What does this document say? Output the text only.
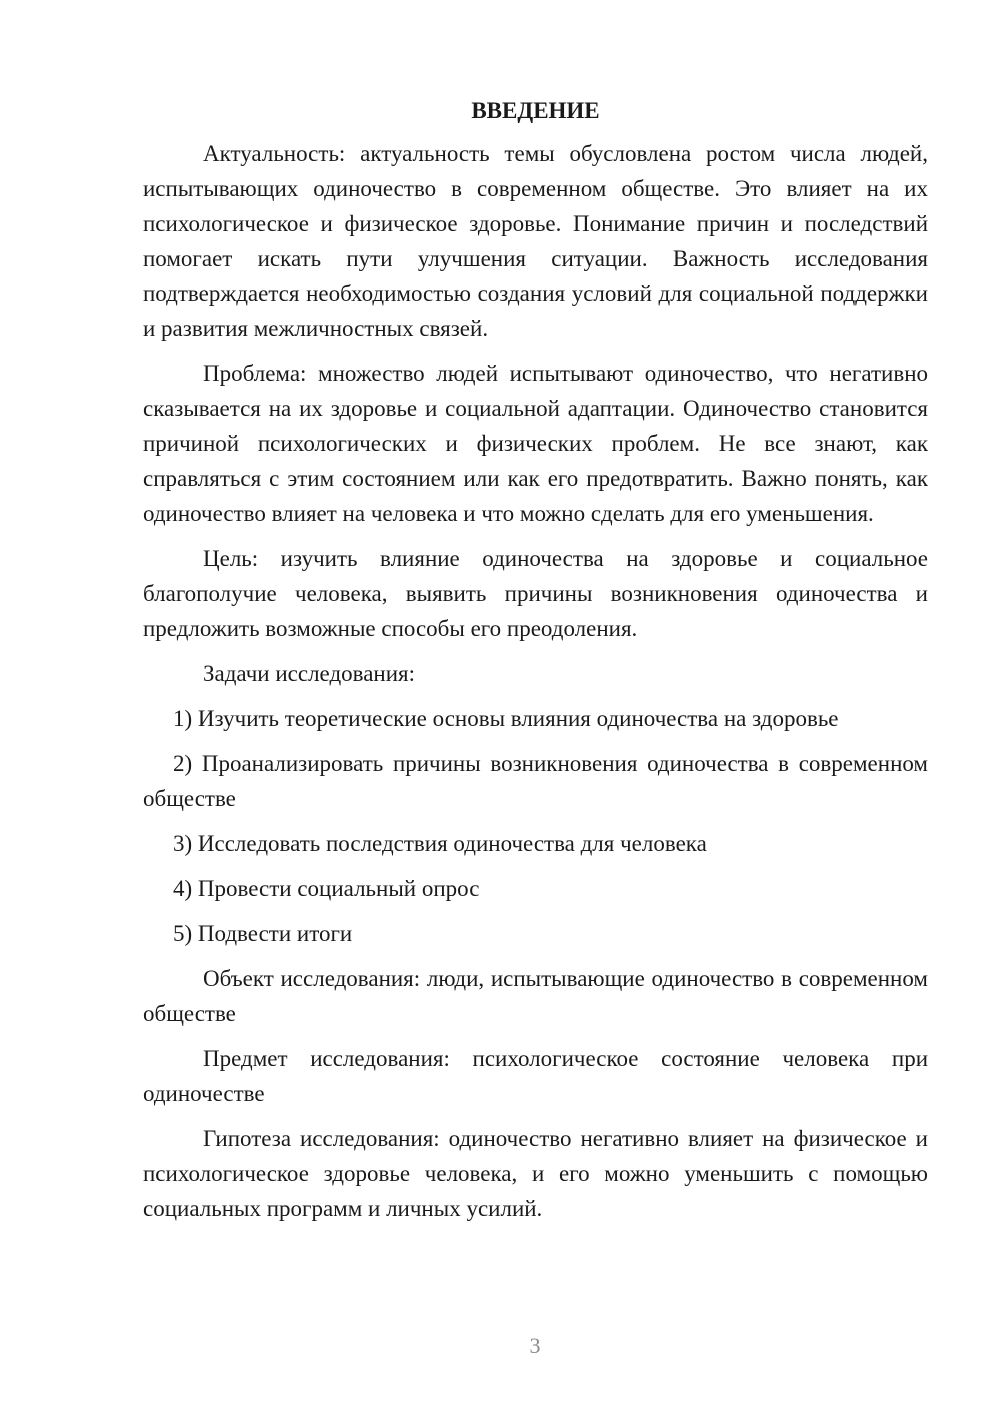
ВВЕДЕНИЕ

Актуальность: актуальность темы обусловлена ростом числа людей, испытывающих одиночество в современном обществе. Это влияет на их психологическое и физическое здоровье. Понимание причин и последствий помогает искать пути улучшения ситуации. Важность исследования подтверждается необходимостью создания условий для социальной поддержки и развития межличностных связей.

Проблема: множество людей испытывают одиночество, что негативно сказывается на их здоровье и социальной адаптации. Одиночество становится причиной психологических и физических проблем. Не все знают, как справляться с этим состоянием или как его предотвратить. Важно понять, как одиночество влияет на человека и что можно сделать для его уменьшения.

Цель: изучить влияние одиночества на здоровье и социальное благополучие человека, выявить причины возникновения одиночества и предложить возможные способы его преодоления.

Задачи исследования:

1) Изучить теоретические основы влияния одиночества на здоровье

2) Проанализировать причины возникновения одиночества в современном обществе

3) Исследовать последствия одиночества для человека

4) Провести социальный опрос

5) Подвести итоги

Объект исследования: люди, испытывающие одиночество в современном обществе

Предмет исследования: психологическое состояние человека при одиночестве

Гипотеза исследования: одиночество негативно влияет на физическое и психологическое здоровье человека, и его можно уменьшить с помощью социальных программ и личных усилий.

3
